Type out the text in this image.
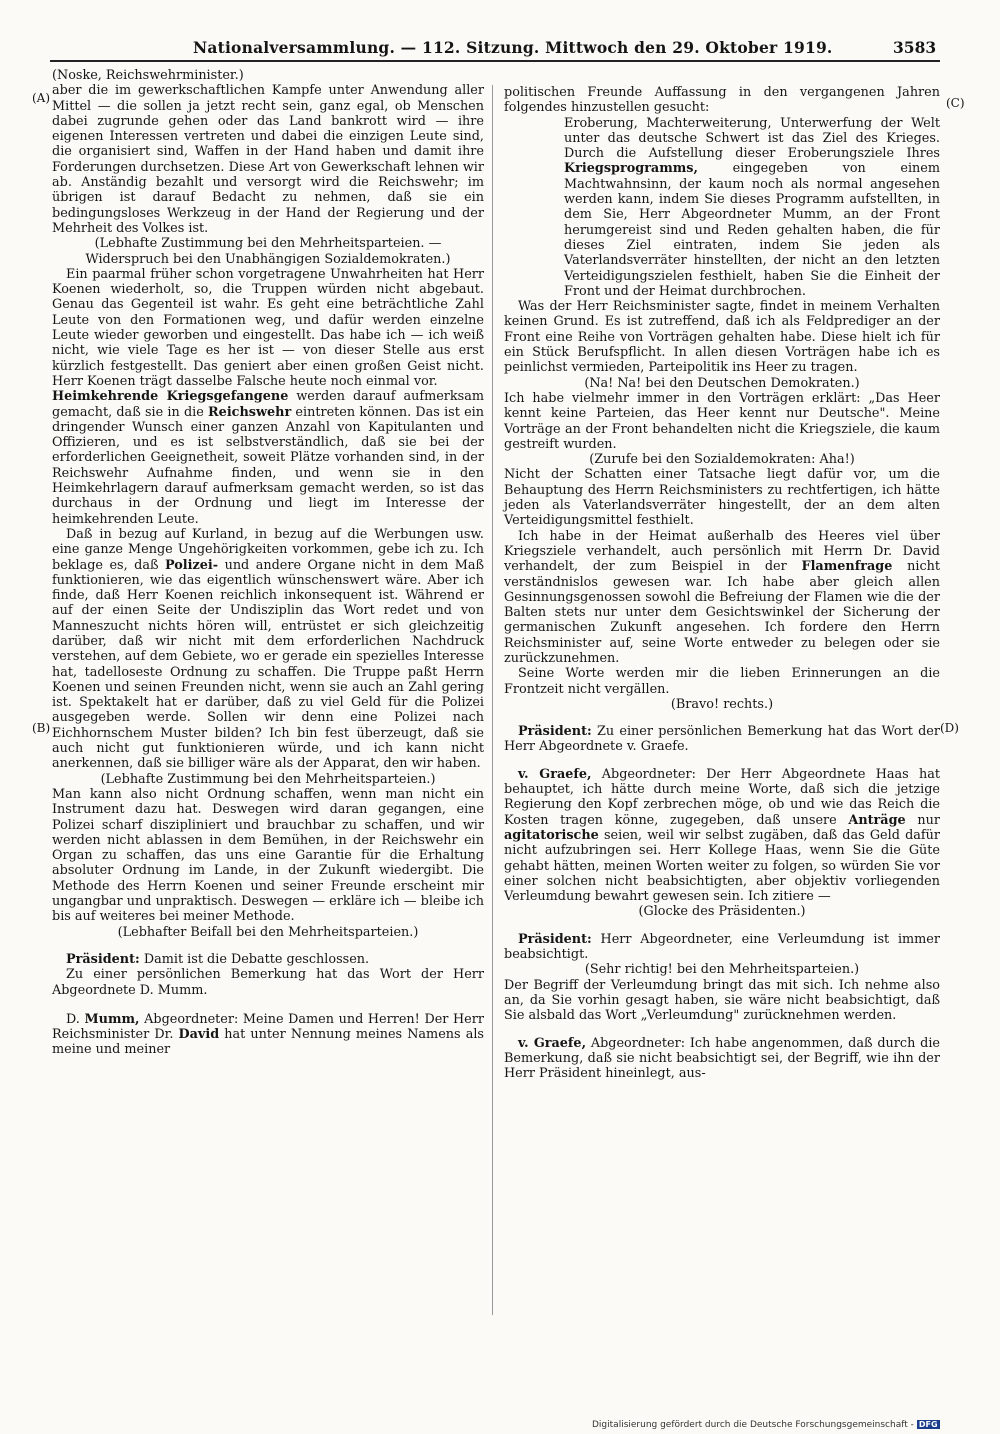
Nationalversammlung. — 112. Sitzung. Mittwoch den 29. Oktober 1919.	3583
(A)
(B)
(C)
(D)

(Noske, Reichswehrminister.)

aber die im gewerkschaftlichen Kampfe unter Anwendung aller Mittel — die sollen ja jetzt recht sein, ganz egal, ob Menschen dabei zugrunde gehen oder das Land bankrott wird — ihre eigenen Interessen vertreten und dabei die einzigen Leute sind, die organisiert sind, Waffen in der Hand haben und damit ihre Forderungen durchsetzen. Diese Art von Gewerkschaft lehnen wir ab. Anständig bezahlt und versorgt wird die Reichswehr; im übrigen ist darauf Bedacht zu nehmen, daß sie ein bedingungsloses Werkzeug in der Hand der Regierung und der Mehrheit des Volkes ist.

(Lebhafte Zustimmung bei den Mehrheitsparteien. — Widerspruch bei den Unabhängigen Sozialdemokraten.)

Ein paarmal früher schon vorgetragene Unwahrheiten hat Herr Koenen wiederholt, so, die Truppen würden nicht abgebaut. Genau das Gegenteil ist wahr. Es geht eine beträchtliche Zahl Leute von den Formationen weg, und dafür werden einzelne Leute wieder geworben und eingestellt. Das habe ich — ich weiß nicht, wie viele Tage es her ist — von dieser Stelle aus erst kürzlich festgestellt. Das geniert aber einen großen Geist nicht. Herr Koenen trägt dasselbe Falsche heute noch einmal vor.

Heimkehrende Kriegsgefangene werden darauf aufmerksam gemacht, daß sie in die Reichswehr eintreten können. Das ist ein dringender Wunsch einer ganzen Anzahl von Kapitulanten und Offizieren, und es ist selbstverständlich, daß sie bei der erforderlichen Geeignetheit, soweit Plätze vorhanden sind, in der Reichswehr Aufnahme finden, und wenn sie in den Heimkehrlagern darauf aufmerksam gemacht werden, so ist das durchaus in der Ordnung und liegt im Interesse der heimkehrenden Leute.

Daß in bezug auf Kurland, in bezug auf die Werbungen usw. eine ganze Menge Ungehörigkeiten vorkommen, gebe ich zu. Ich beklage es, daß Polizei- und andere Organe nicht in dem Maß funktionieren, wie das eigentlich wünschenswert wäre. Aber ich finde, daß Herr Koenen reichlich inkonsequent ist. Während er auf der einen Seite der Undisziplin das Wort redet und von Manneszucht nichts hören will, entrüstet er sich gleichzeitig darüber, daß wir nicht mit dem erforderlichen Nachdruck verstehen, auf dem Gebiete, wo er gerade ein spezielles Interesse hat, tadelloseste Ordnung zu schaffen. Die Truppe paßt Herrn Koenen und seinen Freunden nicht, wenn sie auch an Zahl gering ist. Spektakelt hat er darüber, daß zu viel Geld für die Polizei ausgegeben werde. Sollen wir denn eine Polizei nach Eichhornschem Muster bilden? Ich bin fest überzeugt, daß sie auch nicht gut funktionieren würde, und ich kann nicht anerkennen, daß sie billiger wäre als der Apparat, den wir haben.

(Lebhafte Zustimmung bei den Mehrheitsparteien.)

Man kann also nicht Ordnung schaffen, wenn man nicht ein Instrument dazu hat. Deswegen wird daran gegangen, eine Polizei scharf diszipliniert und brauchbar zu schaffen, und wir werden nicht ablassen in dem Bemühen, in der Reichswehr ein Organ zu schaffen, das uns eine Garantie für die Erhaltung absoluter Ordnung im Lande, in der Zukunft wiedergibt. Die Methode des Herrn Koenen und seiner Freunde erscheint mir ungangbar und unpraktisch. Deswegen — erkläre ich — bleibe ich bis auf weiteres bei meiner Methode.

(Lebhafter Beifall bei den Mehrheitsparteien.)

Präsident: Damit ist die Debatte geschlossen.

Zu einer persönlichen Bemerkung hat das Wort der Herr Abgeordnete D. Mumm.

D. Mumm, Abgeordneter: Meine Damen und Herren! Der Herr Reichsminister Dr. David hat unter Nennung meines Namens als meine und meiner

politischen Freunde Auffassung in den vergangenen Jahren folgendes hinzustellen gesucht:

Eroberung, Machterweiterung, Unterwerfung der Welt unter das deutsche Schwert ist das Ziel des Krieges. Durch die Aufstellung dieser Eroberungsziele Ihres Kriegsprogramms, eingegeben von einem Machtwahnsinn, der kaum noch als normal angesehen werden kann, indem Sie dieses Programm aufstellten, in dem Sie, Herr Abgeordneter Mumm, an der Front herumgereist sind und Reden gehalten haben, die für dieses Ziel eintraten, indem Sie jeden als Vaterlandsverräter hinstellten, der nicht an den letzten Verteidigungszielen festhielt, haben Sie die Einheit der Front und der Heimat durchbrochen.

Was der Herr Reichsminister sagte, findet in meinem Verhalten keinen Grund. Es ist zutreffend, daß ich als Feldprediger an der Front eine Reihe von Vorträgen gehalten habe. Diese hielt ich für ein Stück Berufspflicht. In allen diesen Vorträgen habe ich es peinlichst vermieden, Parteipolitik ins Heer zu tragen.

(Na! Na! bei den Deutschen Demokraten.)

Ich habe vielmehr immer in den Vorträgen erklärt: „Das Heer kennt keine Parteien, das Heer kennt nur Deutsche". Meine Vorträge an der Front behandelten nicht die Kriegsziele, die kaum gestreift wurden.

(Zurufe bei den Sozialdemokraten: Aha!)

Nicht der Schatten einer Tatsache liegt dafür vor, um die Behauptung des Herrn Reichsministers zu rechtfertigen, ich hätte jeden als Vaterlandsverräter hingestellt, der an dem alten Verteidigungsmittel festhielt.

Ich habe in der Heimat außerhalb des Heeres viel über Kriegsziele verhandelt, auch persönlich mit Herrn Dr. David verhandelt, der zum Beispiel in der Flamenfrage nicht verständnislos gewesen war. Ich habe aber gleich allen Gesinnungsgenossen sowohl die Befreiung der Flamen wie die der Balten stets nur unter dem Gesichtswinkel der Sicherung der germanischen Zukunft angesehen. Ich fordere den Herrn Reichsminister auf, seine Worte entweder zu belegen oder sie zurückzunehmen.

Seine Worte werden mir die lieben Erinnerungen an die Frontzeit nicht vergällen.

(Bravo! rechts.)

Präsident: Zu einer persönlichen Bemerkung hat das Wort der Herr Abgeordnete v. Graefe.

v. Graefe, Abgeordneter: Der Herr Abgeordnete Haas hat behauptet, ich hätte durch meine Worte, daß sich die jetzige Regierung den Kopf zerbrechen möge, ob und wie das Reich die Kosten tragen könne, zugegeben, daß unsere Anträge nur agitatorische seien, weil wir selbst zugäben, daß das Geld dafür nicht aufzubringen sei. Herr Kollege Haas, wenn Sie die Güte gehabt hätten, meinen Worten weiter zu folgen, so würden Sie vor einer solchen nicht beabsichtigten, aber objektiv vorliegenden Verleumdung bewahrt gewesen sein. Ich zitiere —

(Glocke des Präsidenten.)

Präsident: Herr Abgeordneter, eine Verleumdung ist immer beabsichtigt.

(Sehr richtig! bei den Mehrheitsparteien.)

Der Begriff der Verleumdung bringt das mit sich. Ich nehme also an, da Sie vorhin gesagt haben, sie wäre nicht beabsichtigt, daß Sie alsbald das Wort „Verleumdung" zurücknehmen werden.

v. Graefe, Abgeordneter: Ich habe angenommen, daß durch die Bemerkung, daß sie nicht beabsichtigt sei, der Begriff, wie ihn der Herr Präsident hineinlegt, aus-

Digitalisierung gefördert durch die Deutsche Forschungsgemeinschaft - DFG
